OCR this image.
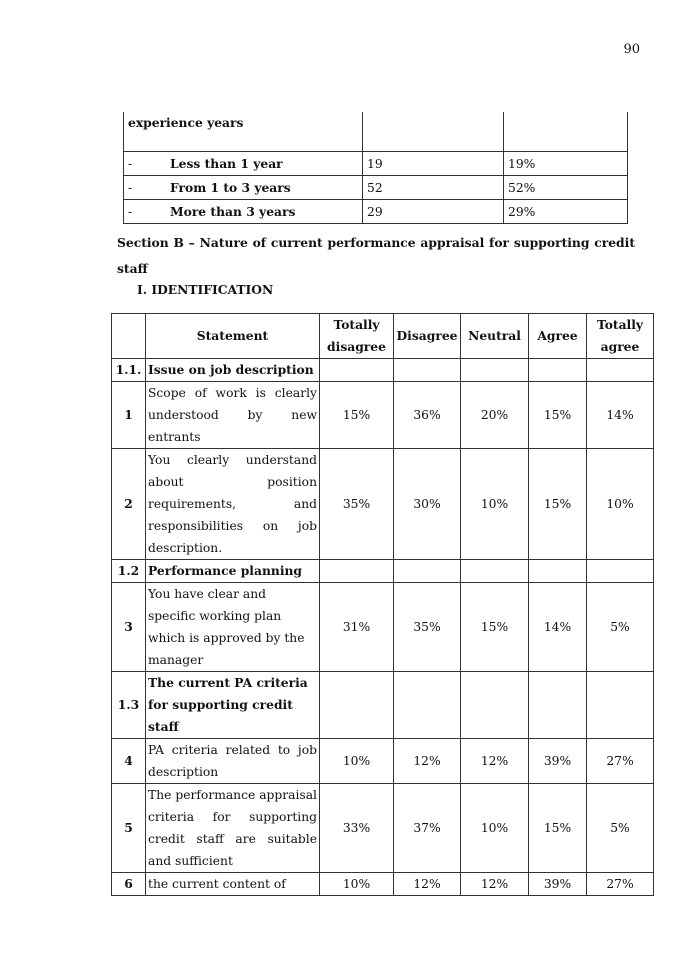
90
experience years		
- Less than 1 year	19	19%
- From 1 to 3 years	52	52%
- More than 3 years	29	29%
Section B – Nature of current performance appraisal for supporting credit staff
I. IDENTIFICATION
	Statement	Totally disagree	Disagree	Neutral	Agree	Totally agree
1.1.	Issue on job description					
1	Scope of work is clearly understood by new entrants	15%	36%	20%	15%	14%
2	You clearly understand about position requirements, and responsibilities on job description.	35%	30%	10%	15%	10%
1.2	Performance planning					
3	You have clear and specific working plan which is approved by the manager	31%	35%	15%	14%	5%
1.3	The current PA criteria for supporting credit staff					
4	PA criteria related to job description	10%	12%	12%	39%	27%
5	The performance appraisal criteria for supporting credit staff are suitable and sufficient	33%	37%	10%	15%	5%
6	the current content of	10%	12%	12%	39%	27%
